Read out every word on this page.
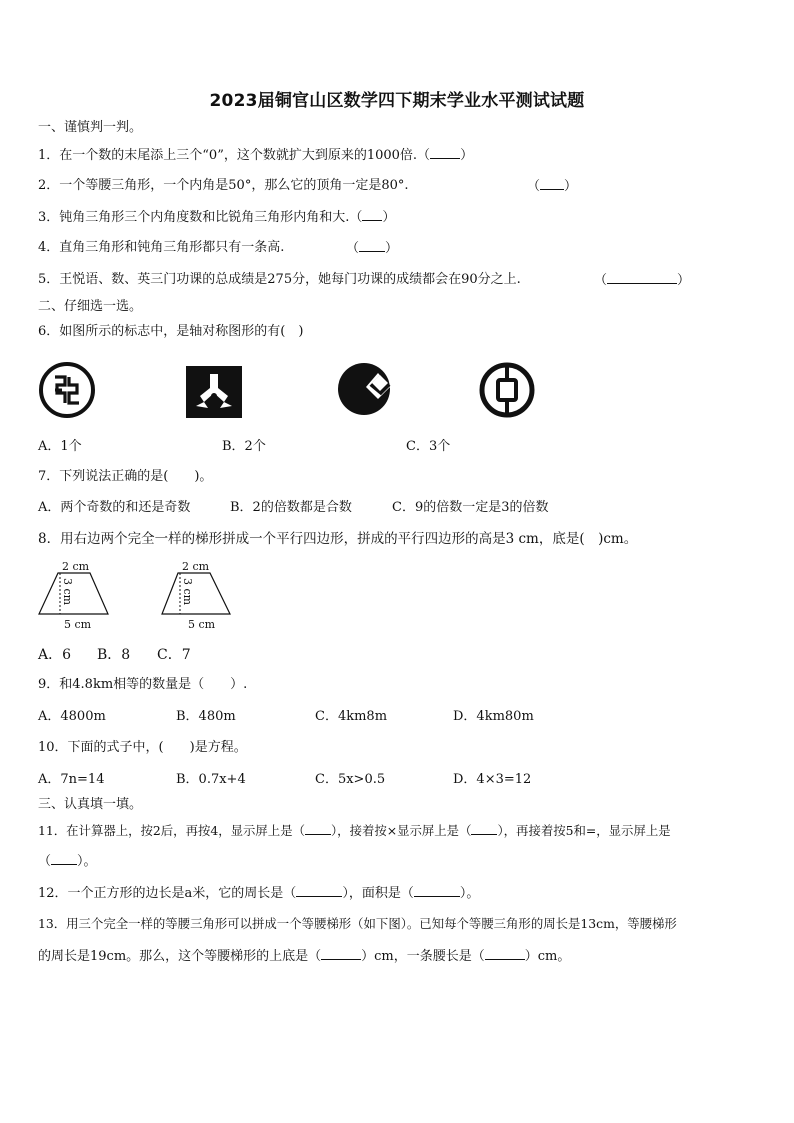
2023届铜官山区数学四下期末学业水平测试试题
一、谨慎判一判。
1．在一个数的末尾添上三个“0”，这个数就扩大到原来的1000倍.（ ）
2．一个等腰三角形，一个内角是50°，那么它的顶角一定是80°.	（ ）
3．钝角三角形三个内角度数和比锐角三角形内角和大.（ ）
4．直角三角形和钝角三角形都只有一条高.	（ ）
5．王悦语、数、英三门功课的总成绩是275分，她每门功课的成绩都会在90分之上.	（	）
二、仔细选一选。
6．如图所示的标志中，是轴对称图形的有(　)
A．1个	B．2个	C．3个
7．下列说法正确的是(　　)。
A．两个奇数的和还是奇数	B．2的倍数都是合数	C．9的倍数一定是3的倍数
8．用右边两个完全一样的梯形拼成一个平行四边形，拼成的平行四边形的高是3 cm，底是(　)cm。
2 cm
3 cm
5 cm
2 cm
3 cm
5 cm
A．6 B．8 C．7
9．和4.8km相等的数量是（　　）.
A．4800m	B．480m	C．4km8m	D．4km80m
10．下面的式子中，(　　)是方程。
A．7n=14	B．0.7x+4	C．5x>0.5	D．4×3=12
三、认真填一填。
11．在计算器上，按2后，再按4，显示屏上是（ ），接着按×显示屏上是（ ），再接着按5和=，显示屏上是
（ ）。
12．一个正方形的边长是a米，它的周长是（	），面积是（	）。
13．用三个完全一样的等腰三角形可以拼成一个等腰梯形（如下图）。已知每个等腰三角形的周长是13cm，等腰梯形
的周长是19cm。那么，这个等腰梯形的上底是（	）cm，一条腰长是（	）cm。
